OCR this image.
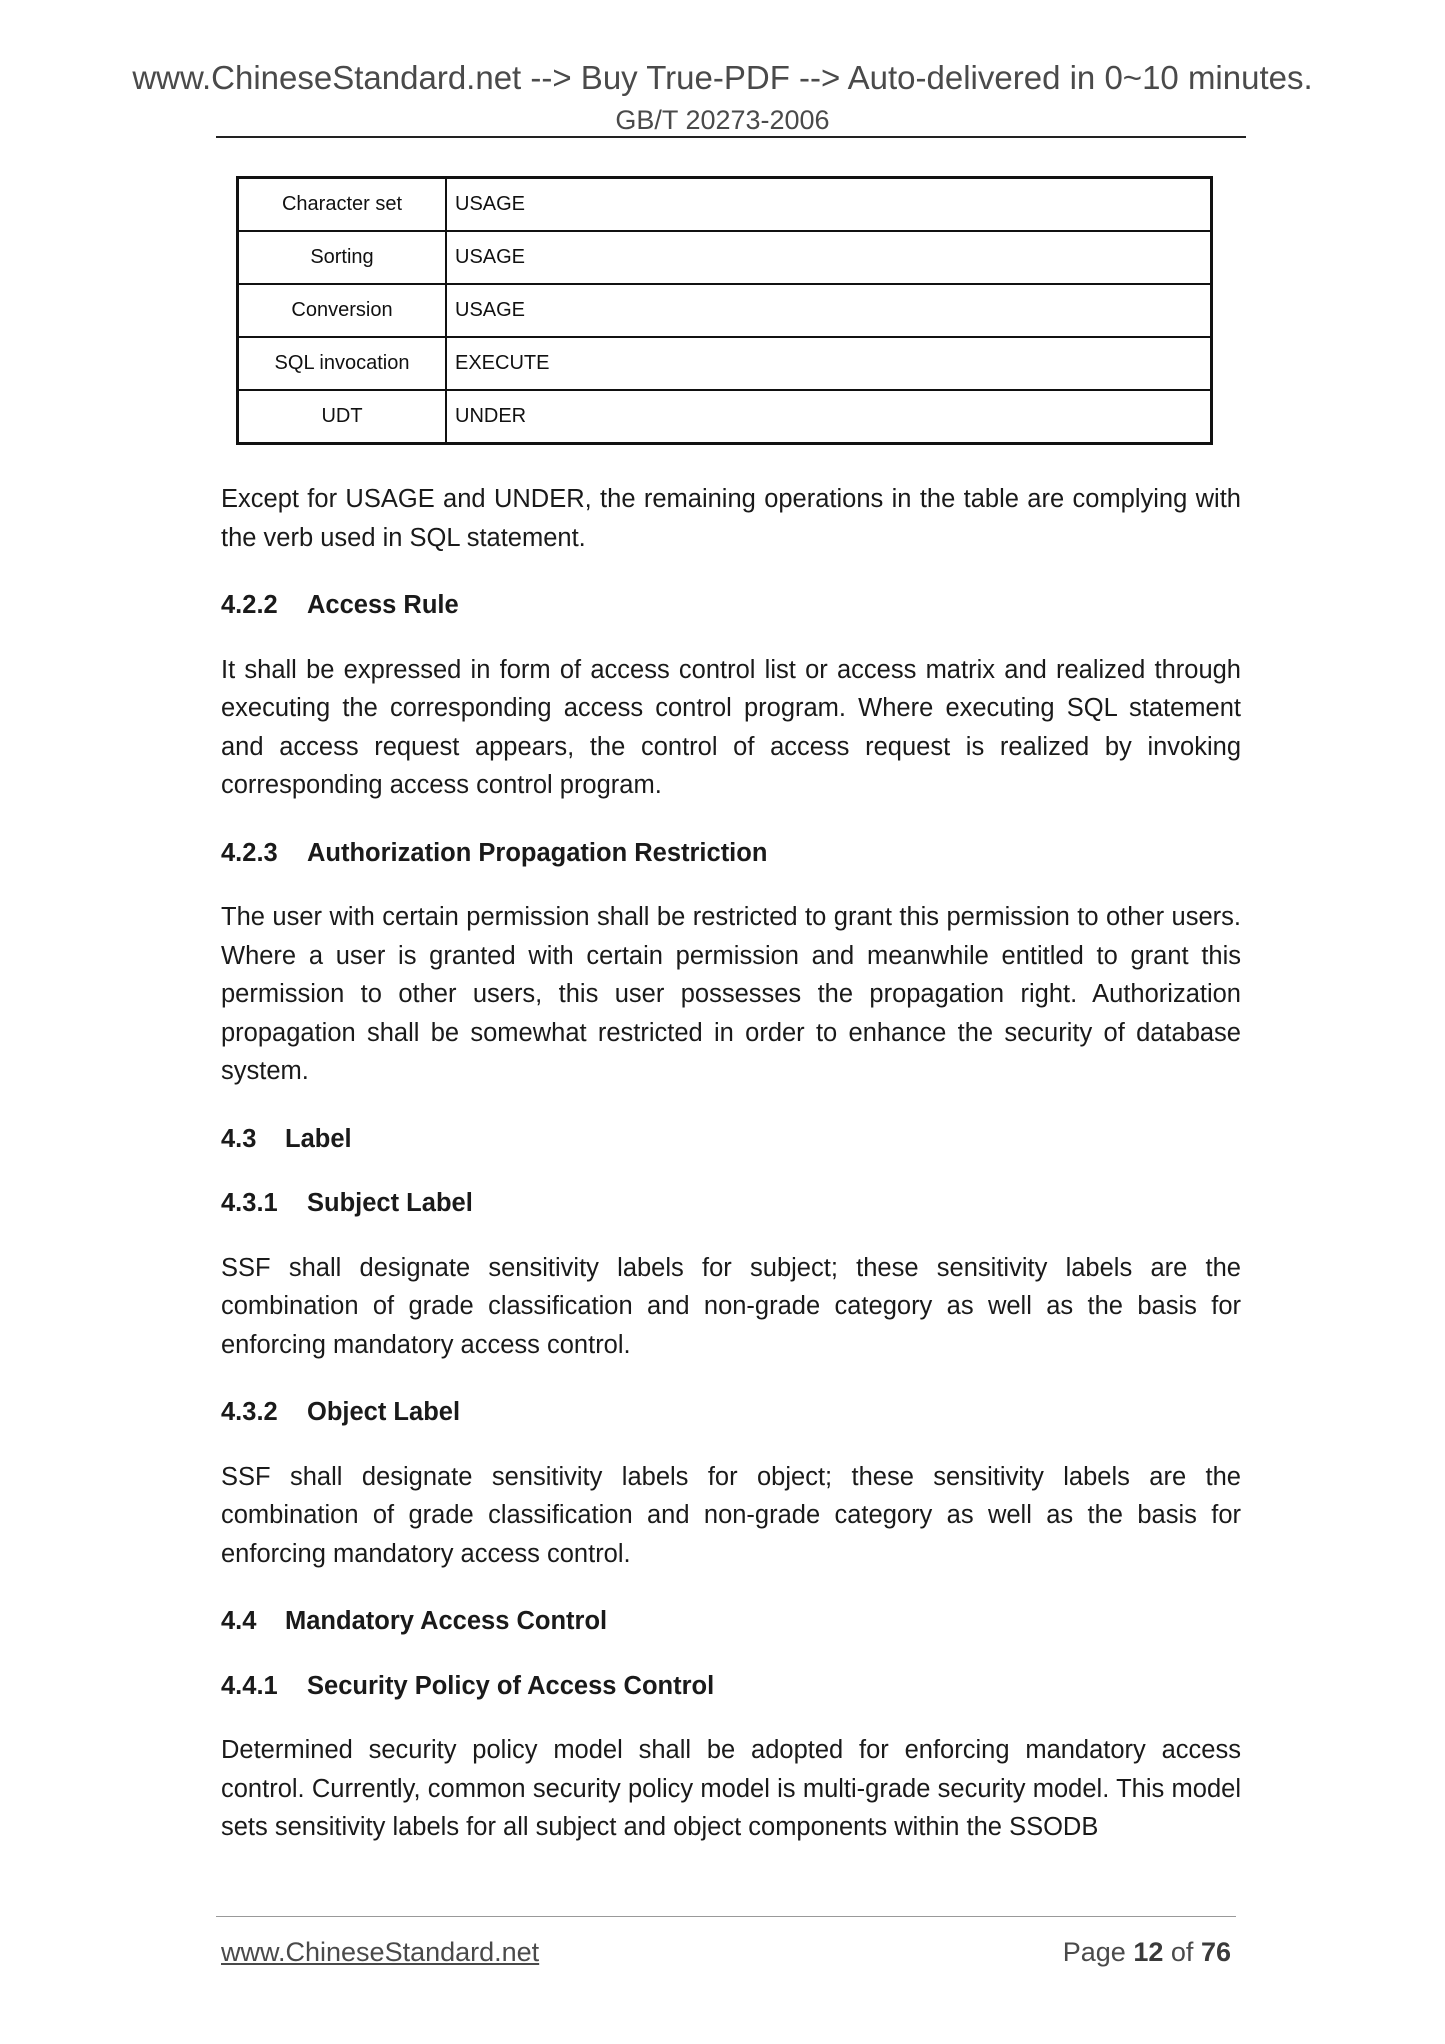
www.ChineseStandard.net --> Buy True-PDF --> Auto-delivered in 0~10 minutes.
GB/T 20273-2006
Character set	USAGE
Sorting	USAGE
Conversion	USAGE
SQL invocation	EXECUTE
UDT	UNDER

Except for USAGE and UNDER, the remaining operations in the table are complying with the verb used in SQL statement.

4.2.2 Access Rule

It shall be expressed in form of access control list or access matrix and realized through executing the corresponding access control program. Where executing SQL statement and access request appears, the control of access request is realized by invoking corresponding access control program.

4.2.3 Authorization Propagation Restriction

The user with certain permission shall be restricted to grant this permission to other users. Where a user is granted with certain permission and meanwhile entitled to grant this permission to other users, this user possesses the propagation right. Authorization propagation shall be somewhat restricted in order to enhance the security of database system.

4.3 Label
4.3.1 Subject Label

SSF shall designate sensitivity labels for subject; these sensitivity labels are the combination of grade classification and non-grade category as well as the basis for enforcing mandatory access control.

4.3.2 Object Label

SSF shall designate sensitivity labels for object; these sensitivity labels are the combination of grade classification and non-grade category as well as the basis for enforcing mandatory access control.

4.4 Mandatory Access Control
4.4.1 Security Policy of Access Control

Determined security policy model shall be adopted for enforcing mandatory access control. Currently, common security policy model is multi-grade security model. This model sets sensitivity labels for all subject and object components within the SSODB

www.ChineseStandard.net	Page 12 of 76
